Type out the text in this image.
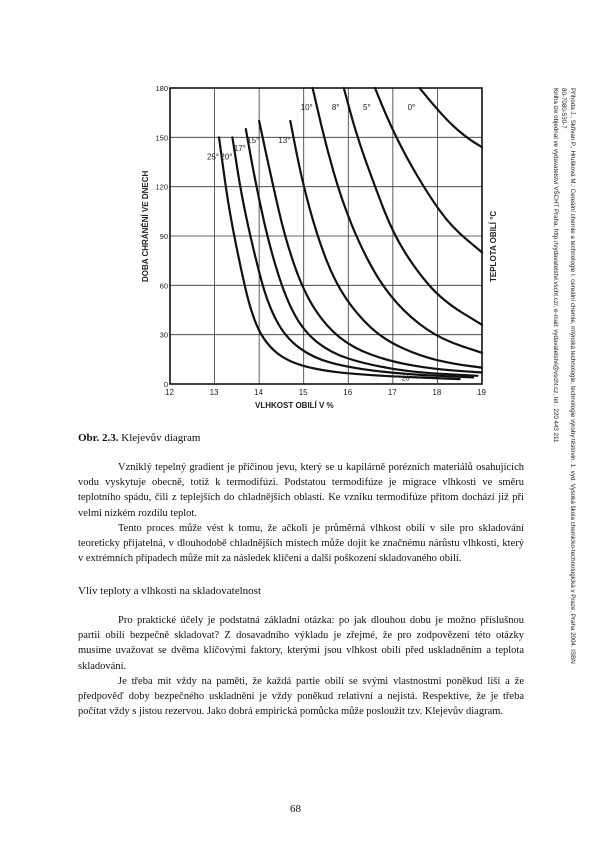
25° 20°
17°
15° 13°
10° 8°	5°	0°
12	13	14	15	16	17	18	19
0
30
60
90
120
150
180
VLHKOST OBILÍ V %
DOBA CHRÁNĚNÍ VE DNECH	TEPLOTA OBILÍ °C
20
Obr. 2.3. Klejevův diagram

Vzniklý tepelný gradient je příčinou jevu, který se u kapilárně porézních materiálů osahujících vodu vyskytuje obecně, totiž k termodifúzi. Podstatou termodifúze je migrace vlhkosti ve směru teplotního spádu, čili z teplejších do chladnějších oblastí. Ke vzniku termodifúze přitom dochází již při velmi nízkém rozdílu teplot.

Tento proces může vést k tomu, že ačkoli je průměrná vlhkost obilí v sile pro skladování teoreticky přijatelná, v dlouhodobě chladnějších místech může dojít ke značnému nárůstu vlhkosti, který v extrémních případech může mít za následek klíčení a další poškození skladovaného obilí.

Vliv teploty a vlhkosti na skladovatelnost

Pro praktické účely je podstatná základní otázka: po jak dlouhou dobu je možno příslušnou partii obilí bezpečně skladovat? Z dosavadního výkladu je zřejmé, že pro zodpovězení této otázky musíme uvažovat se dvěma klíčovými faktory, kterými jsou vlhkost obilí před uskladněním a teplota skladování.

Je třeba mít vždy na paměti, že každá partie obilí se svými vlastnostmi poněkud liší a že předpověď doby bezpečného uskladnění je vždy poněkud relativní a nejistá. Respektive, že je třeba počítat vždy s jistou rezervou. Jako dobrá empirická pomůcka může posloužit tzv. Klejevův diagram.

68
Příhoda J., Skřivan P., Hrušková M.: Cereální chemie a technologie I. cereální chemie, mlýnská technologie, technologie výroby těstovin. 1. vyd. Vysoká škola chemicko-technologická v Praze, Praha 2004. ISBN
80-7080-530-7
Kniha lze objednat ve vydavatelství VŠCHT Praha, http://vydavatelstvi.vscht.cz/, e-mail: vydavatelstvi@vscht.cz, tel.: 220 443 211
